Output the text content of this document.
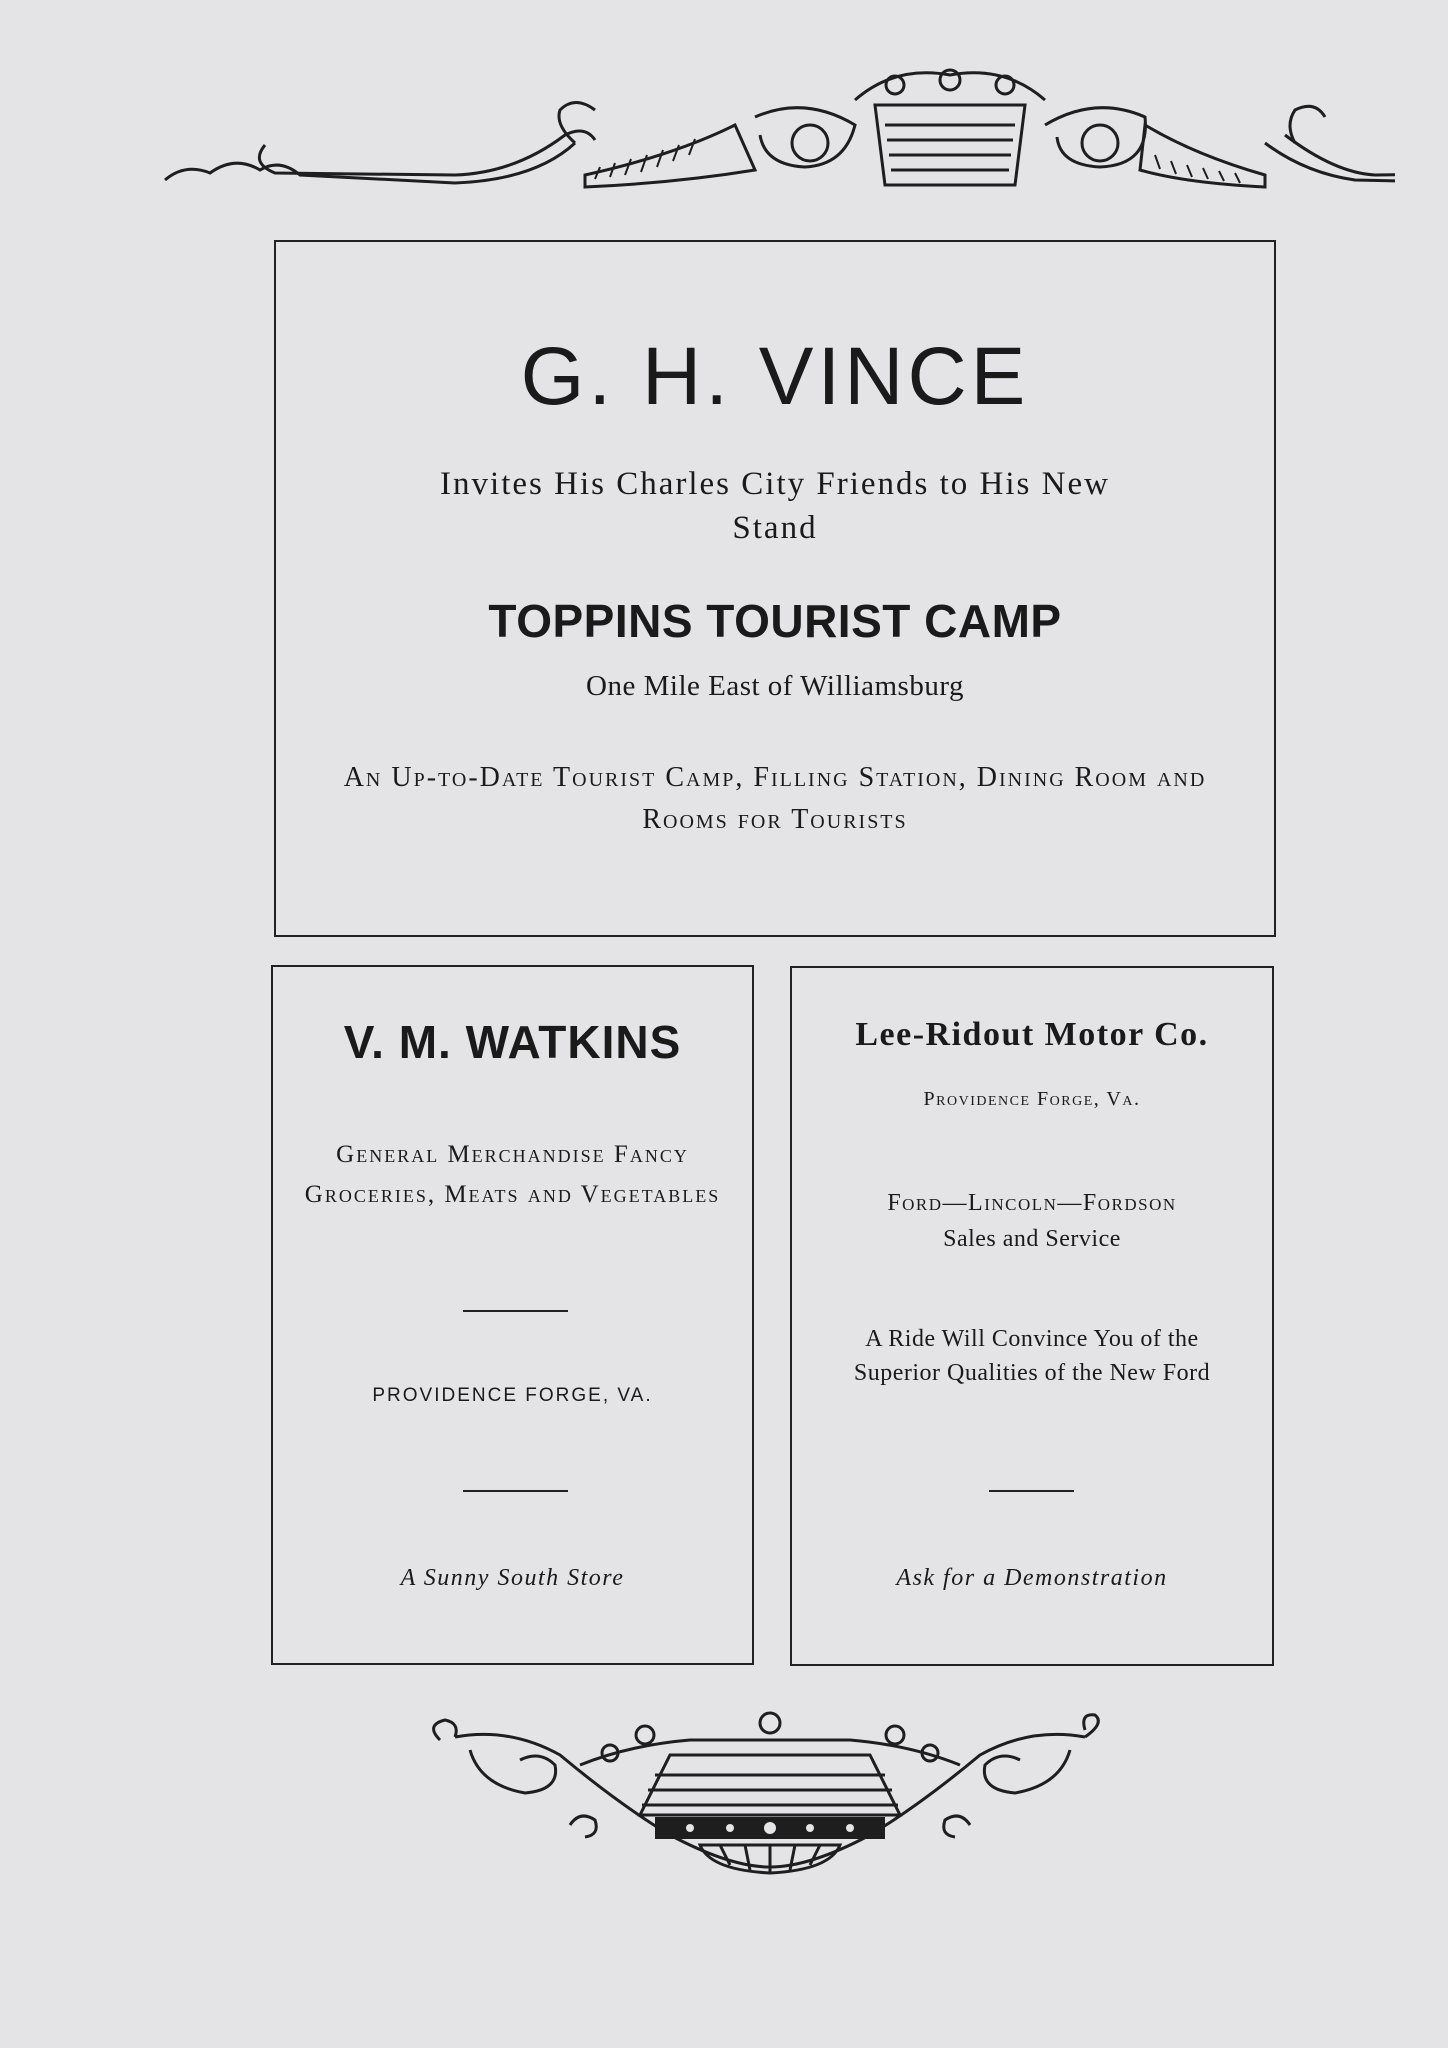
G. H. VINCE

Invites His Charles City Friends to His New Stand

TOPPINS TOURIST CAMP

One Mile East of Williamsburg

An Up-to-Date Tourist Camp, Filling Station, Dining Room and Rooms for Tourists

V. M. WATKINS

General Merchandise Fancy Groceries, Meats and Vegetables

PROVIDENCE FORGE, VA.

A Sunny South Store

Lee-Ridout Motor Co.

Providence Forge, Va.

Ford—Lincoln—Fordson

Sales and Service

A Ride Will Convince You of the Superior Qualities of the New Ford

Ask for a Demonstration
